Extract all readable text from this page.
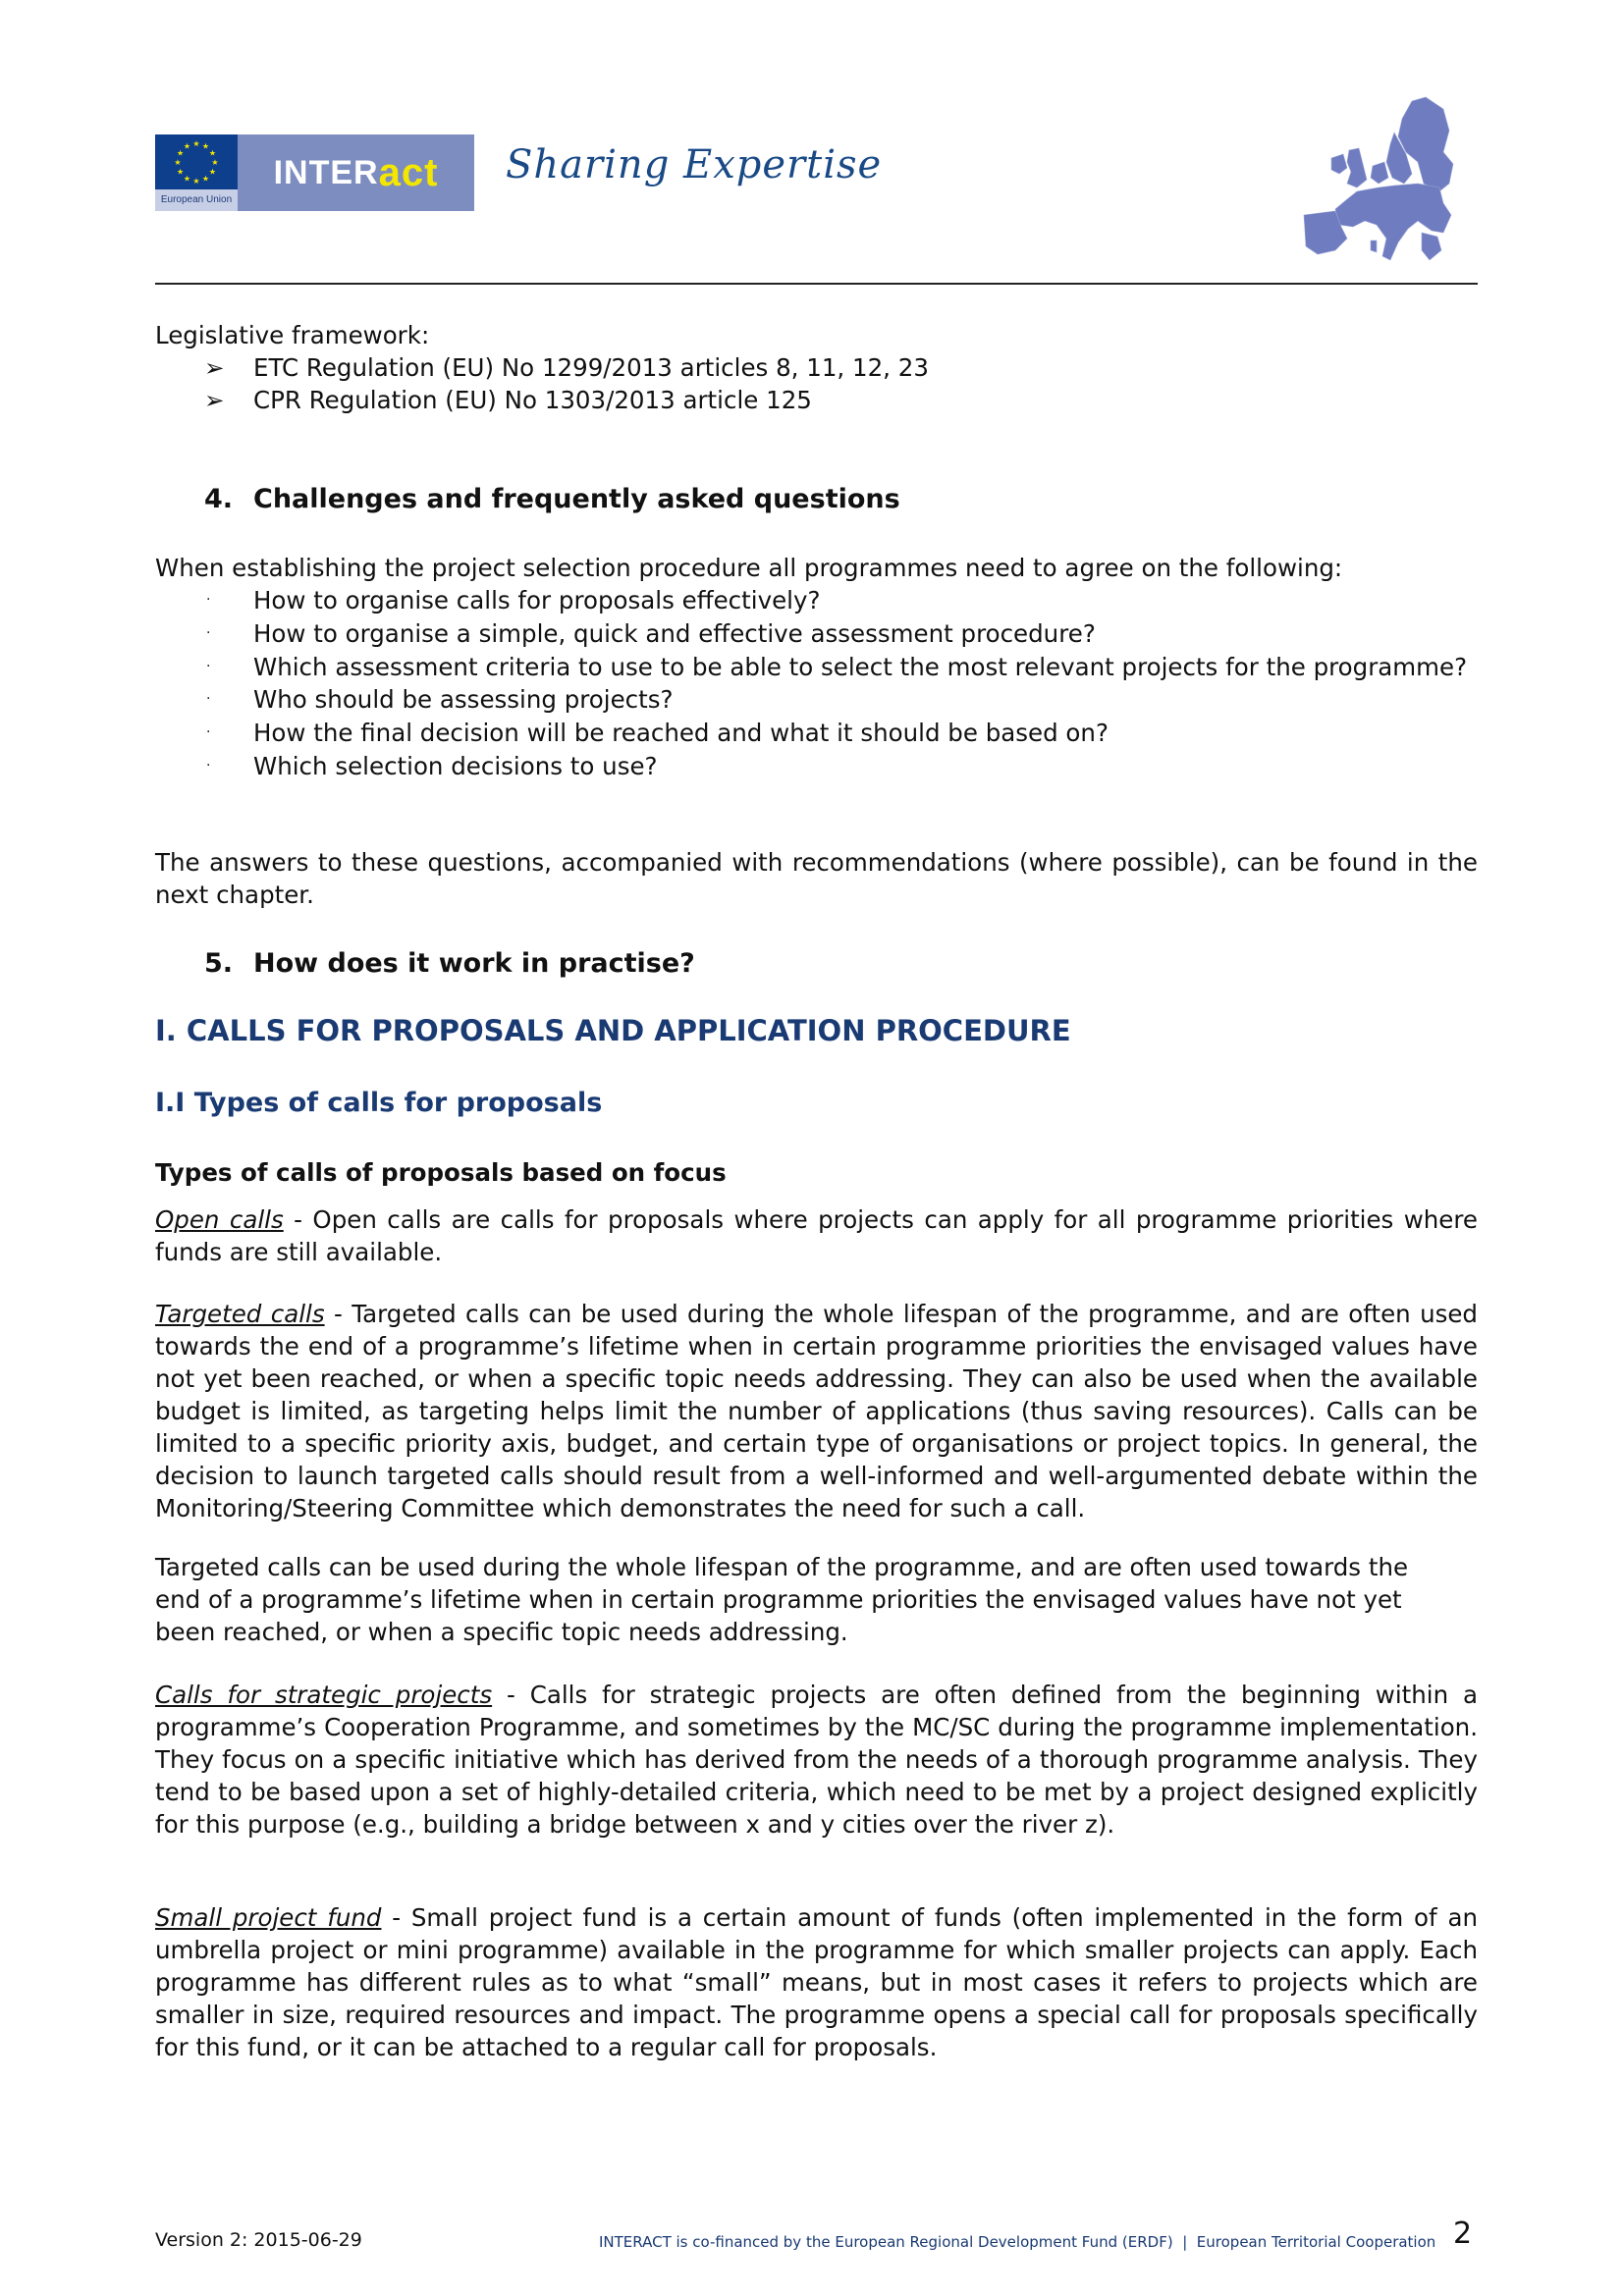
★ ★
★
★
★
★
★
★
★
★
★
★
European Union
INTER act Sharing Expertise
Legislative framework:
➢ ETC Regulation (EU) No 1299/2013 articles 8, 11, 12, 23
➢ CPR Regulation (EU) No 1303/2013 article 125
4. Challenges and frequently asked questions
When establishing the project selection procedure all programmes need to agree on the following:
· How to organise calls for proposals effectively?
· How to organise a simple, quick and effective assessment procedure?
· Which assessment criteria to use to be able to select the most relevant projects for the programme?
· Who should be assessing projects?
· How the final decision will be reached and what it should be based on?
· Which selection decisions to use?
The answers to these questions, accompanied with recommendations (where possible), can be found in the next chapter.
5. How does it work in practise?
I. CALLS FOR PROPOSALS AND APPLICATION PROCEDURE
I.I Types of calls for proposals
Types of calls of proposals based on focus
Open calls - Open calls are calls for proposals where projects can apply for all programme priorities where funds are still available.
Targeted calls - Targeted calls can be used during the whole lifespan of the programme, and are often used towards the end of a programme’s lifetime when in certain programme priorities the envisaged values have not yet been reached, or when a specific topic needs addressing. They can also be used when the available budget is limited, as targeting helps limit the number of applications (thus saving resources). Calls can be limited to a specific priority axis, budget, and certain type of organisations or project topics. In general, the decision to launch targeted calls should result from a well-informed and well-argumented debate within the Monitoring/Steering Committee which demonstrates the need for such a call.
Targeted calls can be used during the whole lifespan of the programme, and are often used towards the end of a programme’s lifetime when in certain programme priorities the envisaged values have not yet been reached, or when a specific topic needs addressing.
Calls for strategic projects - Calls for strategic projects are often defined from the beginning within a programme’s Cooperation Programme, and sometimes by the MC/SC during the programme implementation. They focus on a specific initiative which has derived from the needs of a thorough programme analysis. They tend to be based upon a set of highly-detailed criteria, which need to be met by a project designed explicitly for this purpose (e.g., building a bridge between x and y cities over the river z).
Small project fund - Small project fund is a certain amount of funds (often implemented in the form of an umbrella project or mini programme) available in the programme for which smaller projects can apply. Each programme has different rules as to what “small” means, but in most cases it refers to projects which are smaller in size, required resources and impact. The programme opens a special call for proposals specifically for this fund, or it can be attached to a regular call for proposals.
Version 2: 2015-06-29	INTERACT is co-financed by the European Regional Development Fund (ERDF)  |  European Territorial Cooperation 2
